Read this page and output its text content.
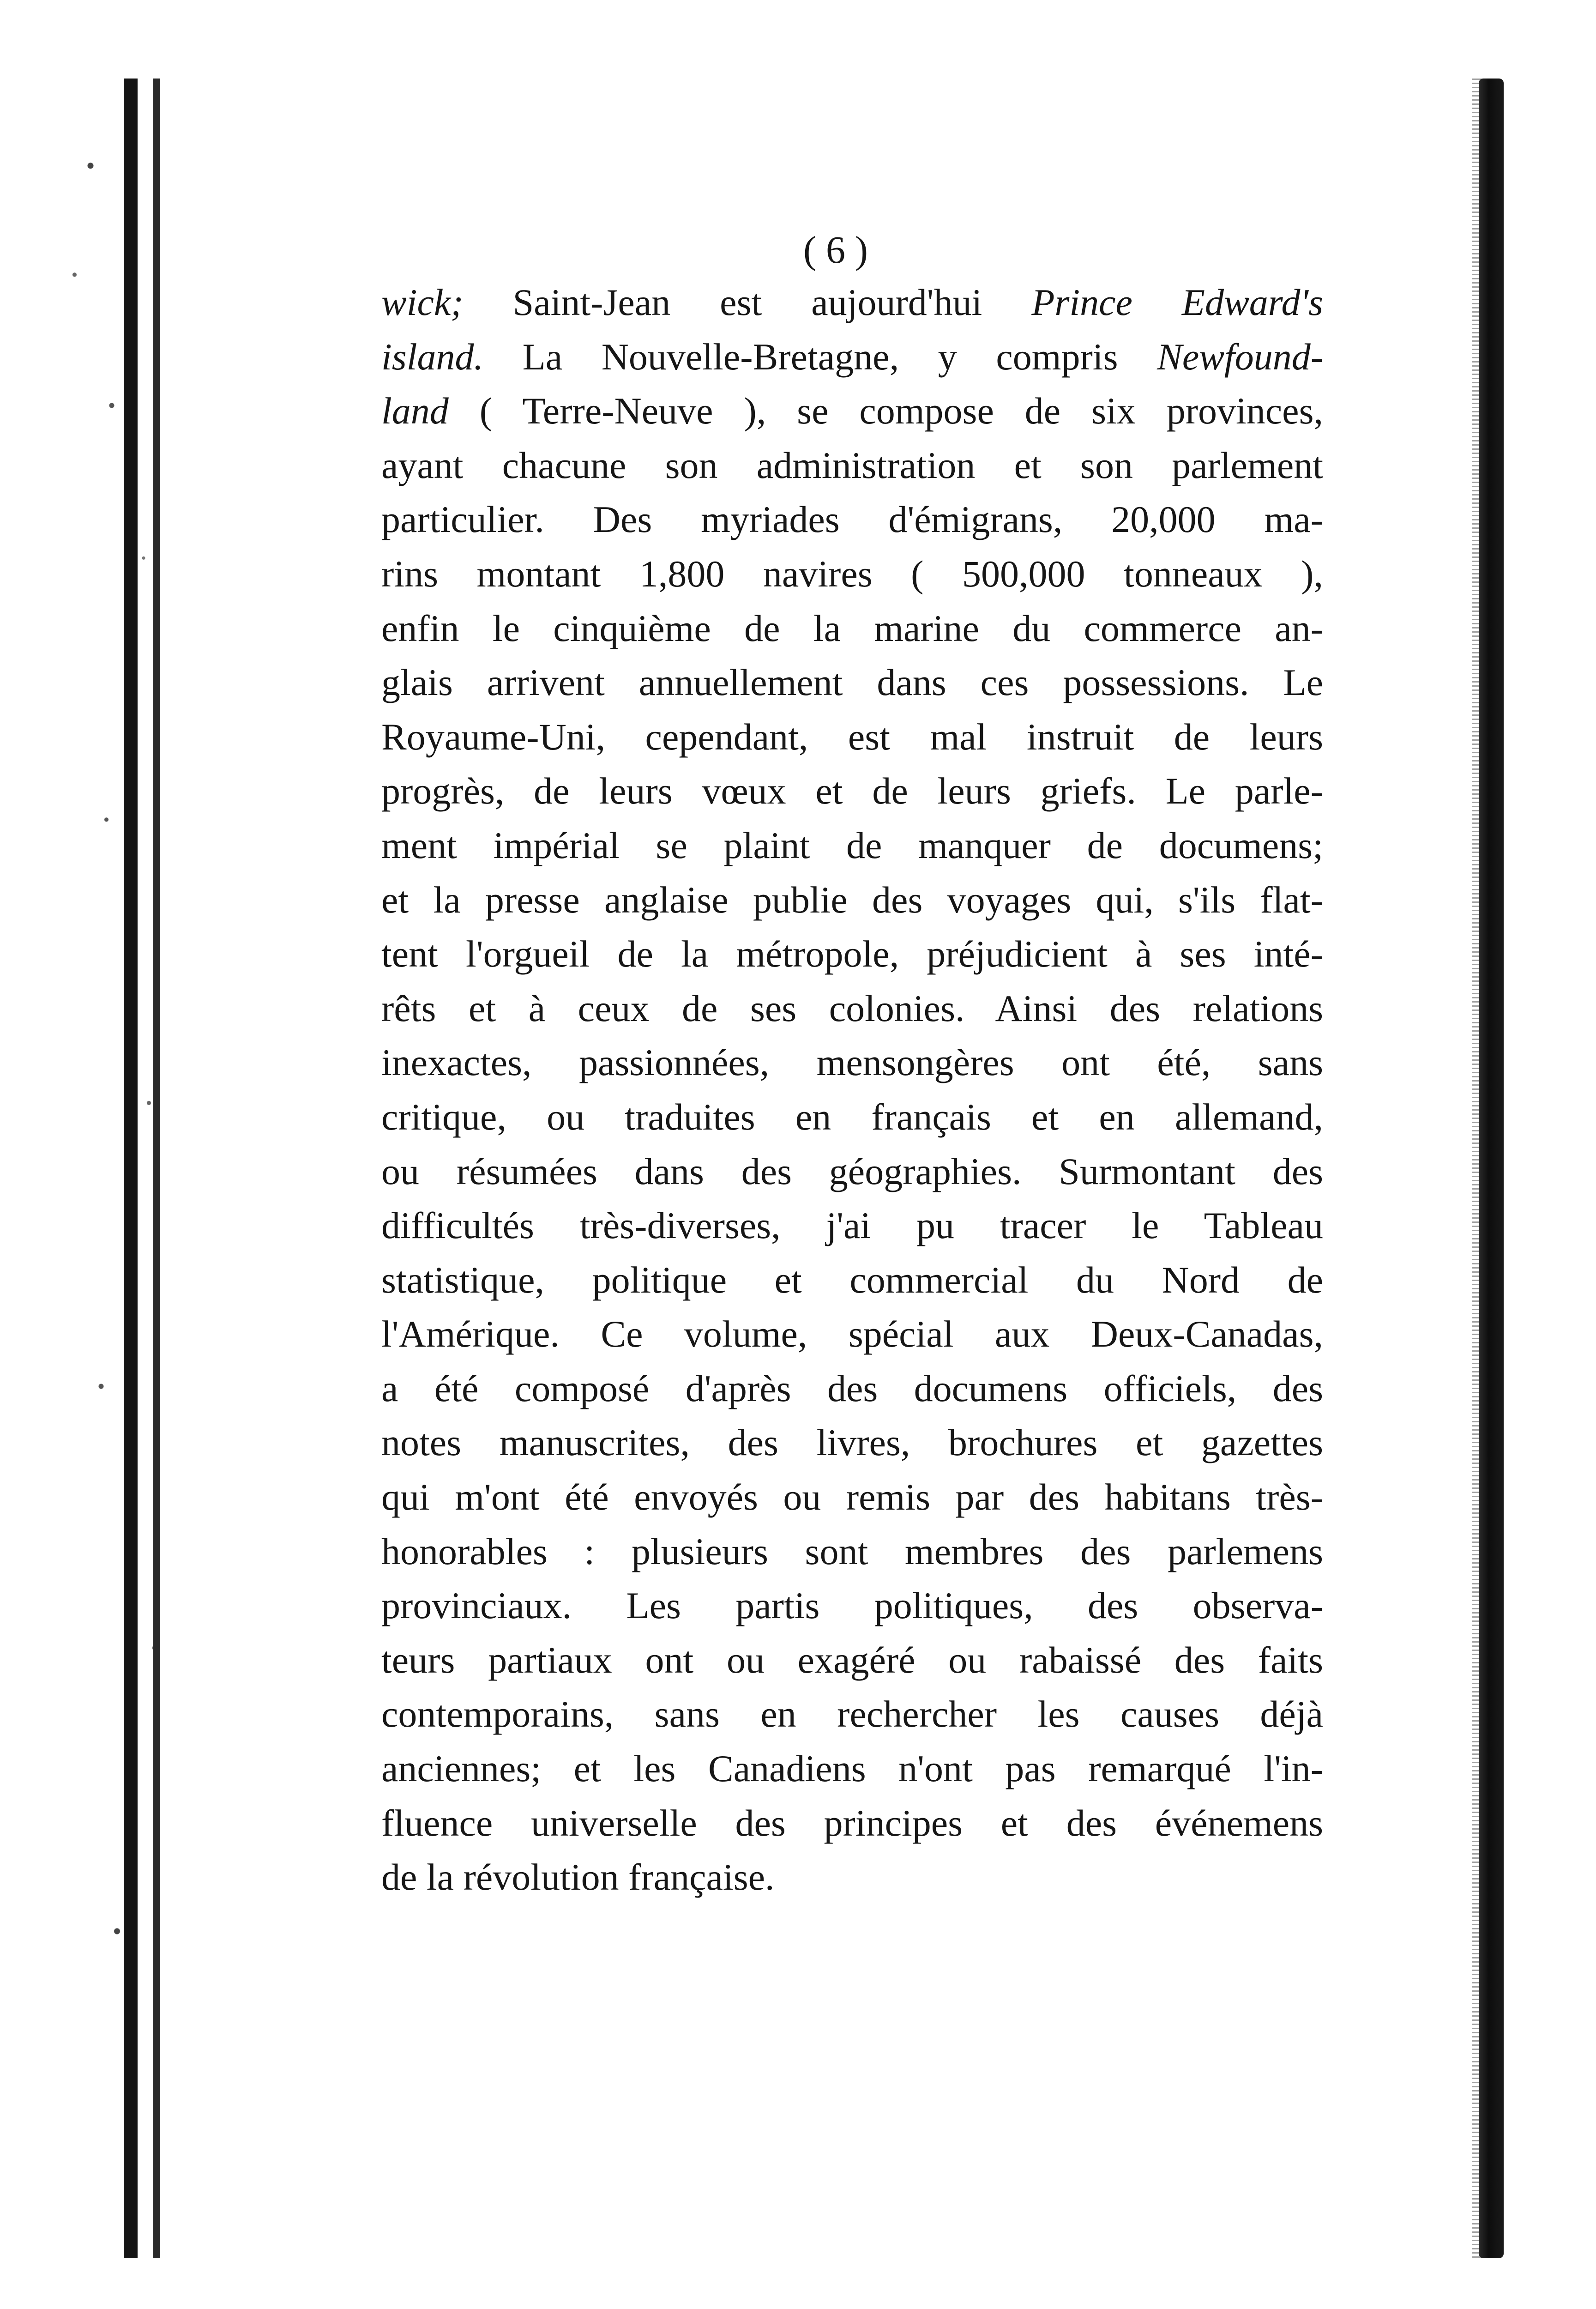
( 6 )
wick; Saint-Jean est aujourd'hui Prince Edward's
island. La Nouvelle-Bretagne, y compris Newfound-
land ( Terre-Neuve ), se compose de six provinces,
ayant chacune son administration et son parlement
particulier. Des myriades d'émigrans, 20,000 ma-
rins montant 1,800 navires ( 500,000 tonneaux ),
enfin le cinquième de la marine du commerce an-
glais arrivent annuellement dans ces possessions. Le
Royaume-Uni, cependant, est mal instruit de leurs
progrès, de leurs vœux et de leurs griefs. Le parle-
ment impérial se plaint de manquer de documens;
et la presse anglaise publie des voyages qui, s'ils flat-
tent l'orgueil de la métropole, préjudicient à ses inté-
rêts et à ceux de ses colonies. Ainsi des relations
inexactes, passionnées, mensongères ont été, sans
critique, ou traduites en français et en allemand,
ou résumées dans des géographies. Surmontant des
difficultés très-diverses, j'ai pu tracer le Tableau
statistique, politique et commercial du Nord de
l'Amérique. Ce volume, spécial aux Deux-Canadas,
a été composé d'après des documens officiels, des
notes manuscrites, des livres, brochures et gazettes
qui m'ont été envoyés ou remis par des habitans très-
honorables : plusieurs sont membres des parlemens
provinciaux. Les partis politiques, des observa-
teurs partiaux ont ou exagéré ou rabaissé des faits
contemporains, sans en rechercher les causes déjà
anciennes; et les Canadiens n'ont pas remarqué l'in-
fluence universelle des principes et des événemens
de la révolution française.
